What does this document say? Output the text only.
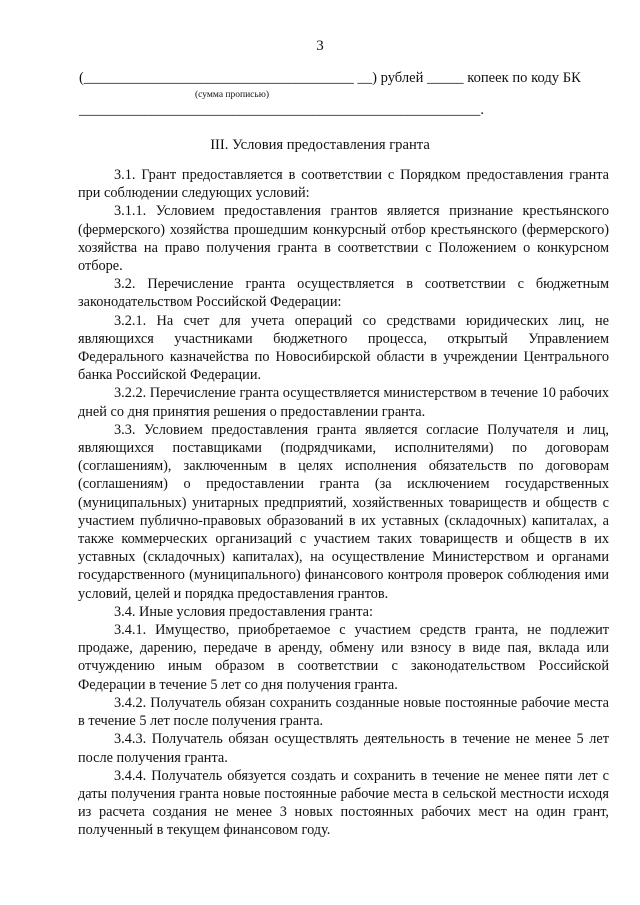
3
(_____________________________________ __) рублей _____ копеек по коду БК
(сумма прописью)
_______________________________________________________.
III. Условия предоставления гранта

3.1. Грант предоставляется в соответствии с Порядком предоставления гранта при соблюдении следующих условий:

3.1.1. Условием предоставления грантов является признание крестьянского (фермерского) хозяйства прошедшим конкурсный отбор крестьянского (фермерского) хозяйства на право получения гранта в соответствии с Положением о конкурсном отборе.

3.2. Перечисление гранта осуществляется в соответствии с бюджетным законодательством Российской Федерации:

3.2.1. На счет для учета операций со средствами юридических лиц, не являющихся участниками бюджетного процесса, открытый Управлением Федерального казначейства по Новосибирской области в учреждении Центрального банка Российской Федерации.

3.2.2. Перечисление гранта осуществляется министерством в течение 10 рабочих дней со дня принятия решения о предоставлении гранта.

3.3. Условием предоставления гранта является согласие Получателя и лиц, являющихся поставщиками (подрядчиками, исполнителями) по договорам (соглашениям), заключенным в целях исполнения обязательств по договорам (соглашениям) о предоставлении гранта (за исключением государственных (муниципальных) унитарных предприятий, хозяйственных товариществ и обществ с участием публично-правовых образований в их уставных (складочных) капиталах, а также коммерческих организаций с участием таких товариществ и обществ в их уставных (складочных) капиталах), на осуществление Министерством и органами государственного (муниципального) финансового контроля проверок соблюдения ими условий, целей и порядка предоставления грантов.

3.4. Иные условия предоставления гранта:

3.4.1. Имущество, приобретаемое с участием средств гранта, не подлежит продаже, дарению, передаче в аренду, обмену или взносу в виде пая, вклада или отчуждению иным образом в соответствии с законодательством Российской Федерации в течение 5 лет со дня получения гранта.

3.4.2. Получатель обязан сохранить созданные новые постоянные рабочие места в течение 5 лет после получения гранта.

3.4.3. Получатель обязан осуществлять деятельность в течение не менее 5 лет после получения гранта.

3.4.4. Получатель обязуется создать и сохранить в течение не менее пяти лет с даты получения гранта новые постоянные рабочие места в сельской местности исходя из расчета создания не менее 3 новых постоянных рабочих мест на один грант, полученный в текущем финансовом году.
